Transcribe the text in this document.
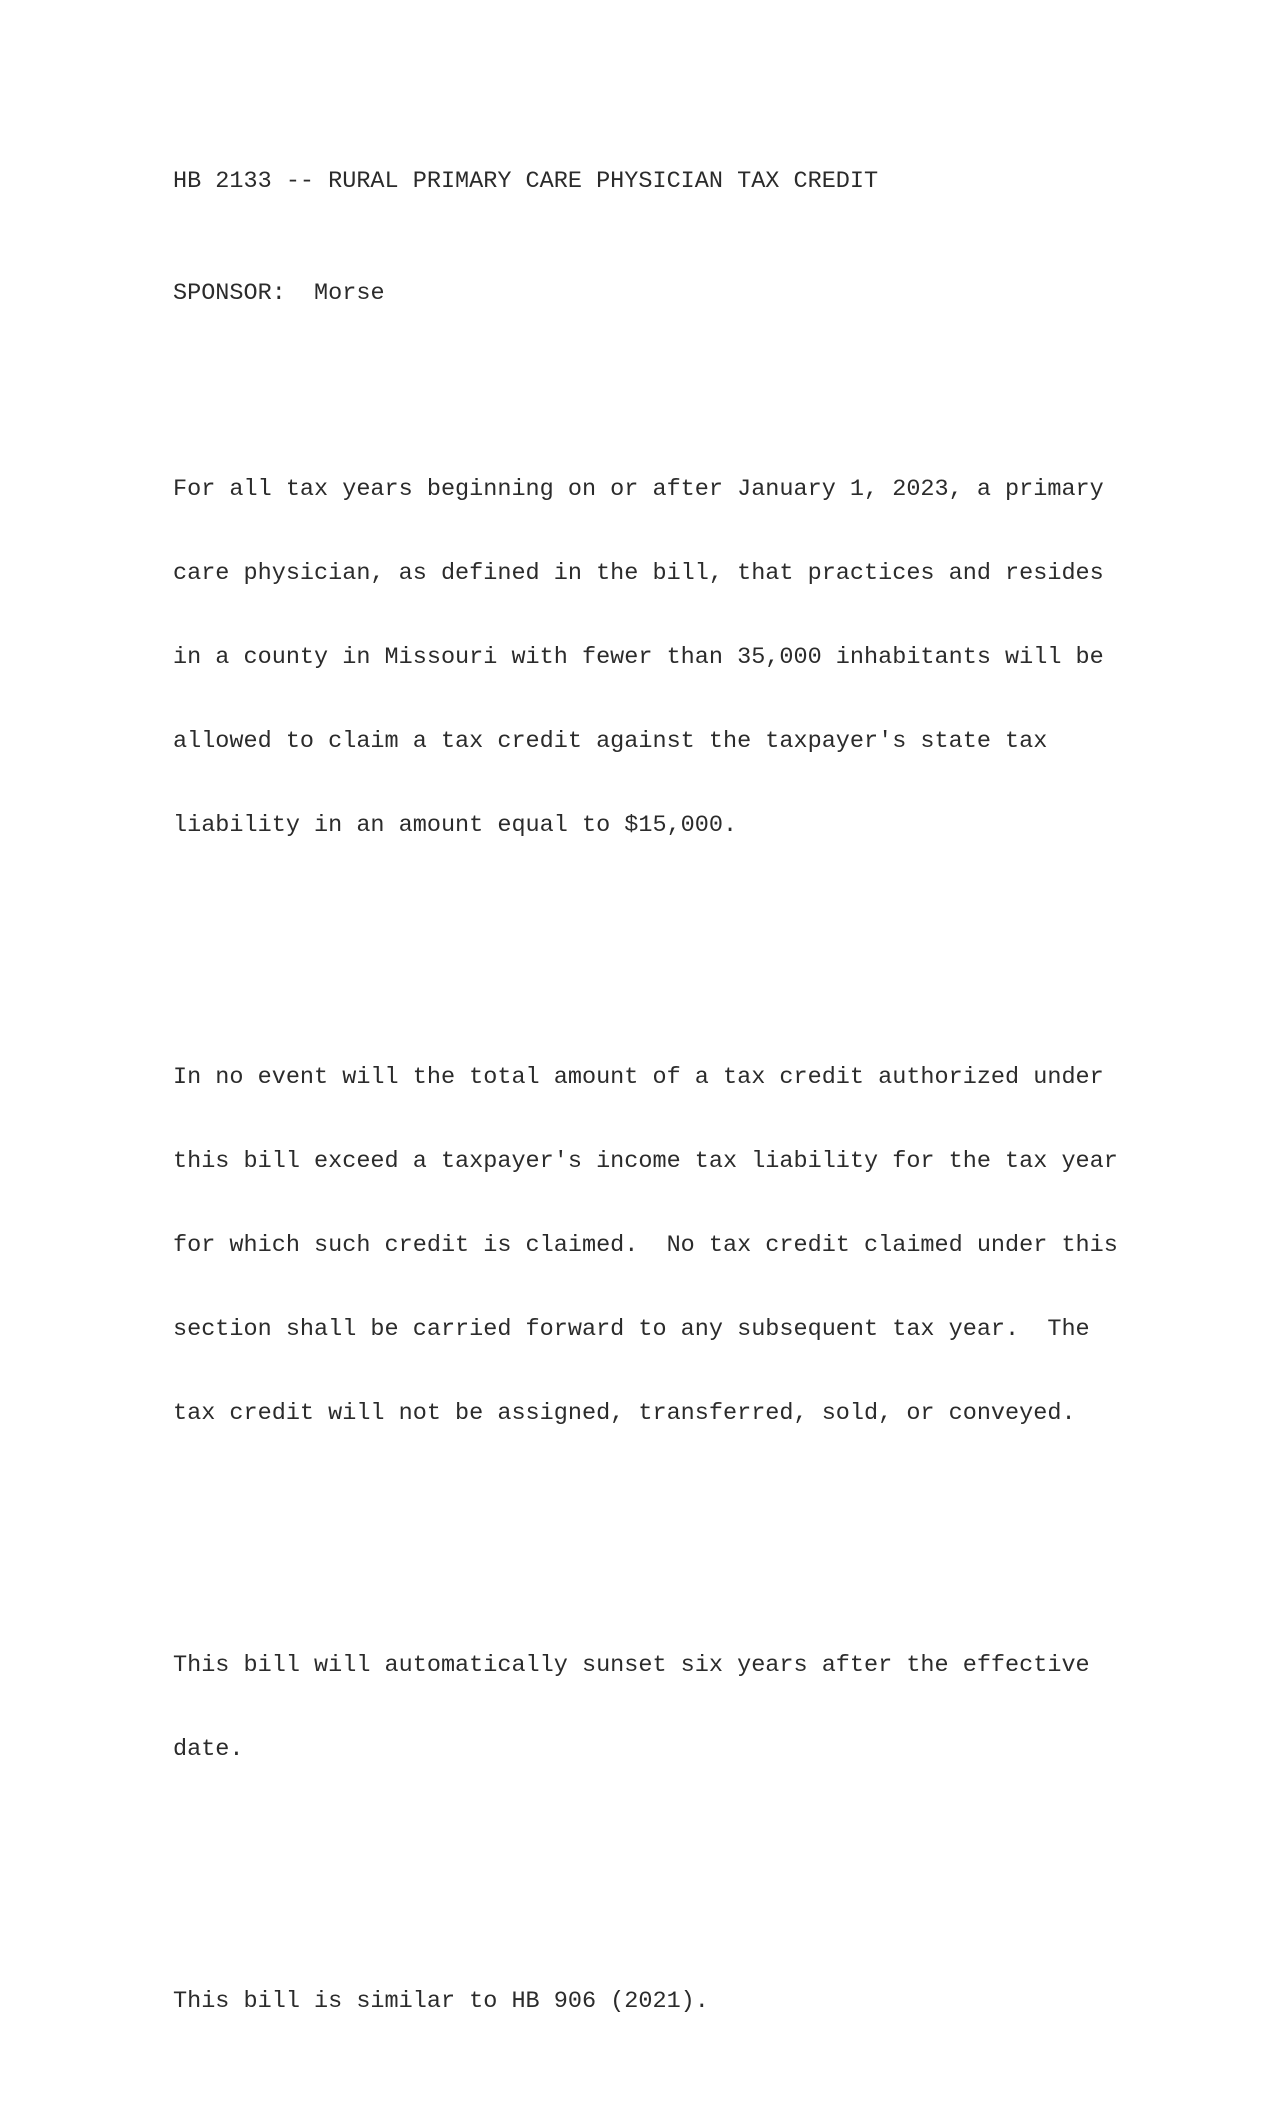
HB 2133 -- RURAL PRIMARY CARE PHYSICIAN TAX CREDIT

SPONSOR: Morse

For all tax years beginning on or after January 1, 2023, a primary

care physician, as defined in the bill, that practices and resides

in a county in Missouri with fewer than 35,000 inhabitants will be

allowed to claim a tax credit against the taxpayer's state tax

liability in an amount equal to $15,000.

In no event will the total amount of a tax credit authorized under

this bill exceed a taxpayer's income tax liability for the tax year

for which such credit is claimed.  No tax credit claimed under this

section shall be carried forward to any subsequent tax year.  The

tax credit will not be assigned, transferred, sold, or conveyed.

This bill will automatically sunset six years after the effective

date.

This bill is similar to HB 906 (2021).
